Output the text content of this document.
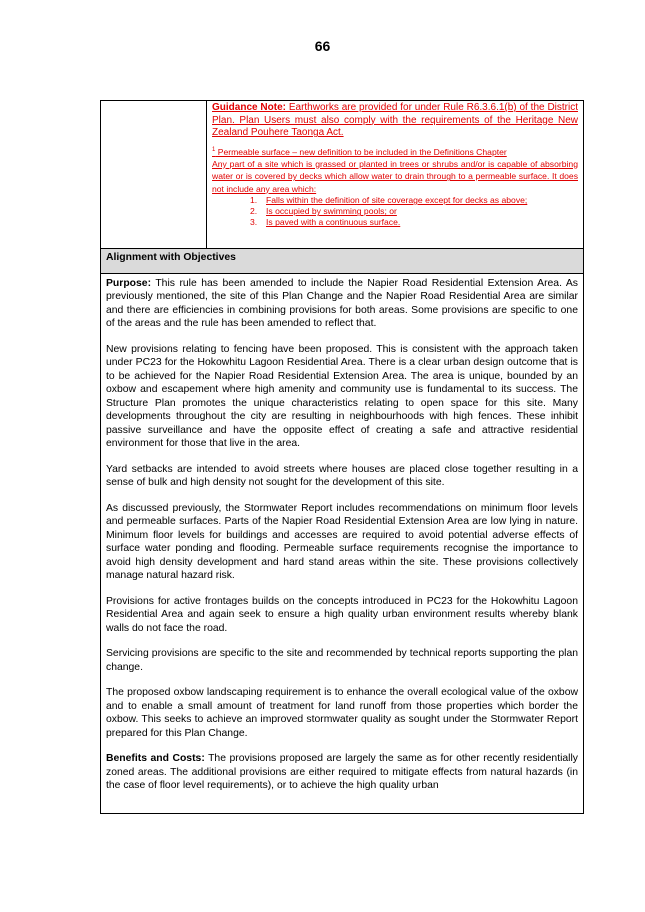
66

Guidance Note: Earthworks are provided for under Rule R6.3.6.1(b) of the District Plan. Plan Users must also comply with the requirements of the Heritage New Zealand Pouhere Taonga Act.

$^1$ Permeable surface – new definition to be included in the Definitions Chapter

Any part of a site which is grassed or planted in trees or shrubs and/or is capable of absorbing water or is covered by decks which allow water to drain through to a permeable surface. It does not include any area which:

1. Falls within the definition of site coverage except for decks as above;
2. Is occupied by swimming pools; or
3. Is paved with a continuous surface.
Alignment with Objectives

Purpose: This rule has been amended to include the Napier Road Residential Extension Area. As previously mentioned, the site of this Plan Change and the Napier Road Residential Area are similar and there are efficiencies in combining provisions for both areas. Some provisions are specific to one of the areas and the rule has been amended to reflect that.

New provisions relating to fencing have been proposed. This is consistent with the approach taken under PC23 for the Hokowhitu Lagoon Residential Area. There is a clear urban design outcome that is to be achieved for the Napier Road Residential Extension Area. The area is unique, bounded by an oxbow and escapement where high amenity and community use is fundamental to its success. The Structure Plan promotes the unique characteristics relating to open space for this site. Many developments throughout the city are resulting in neighbourhoods with high fences. These inhibit passive surveillance and have the opposite effect of creating a safe and attractive residential environment for those that live in the area.

Yard setbacks are intended to avoid streets where houses are placed close together resulting in a sense of bulk and high density not sought for the development of this site.

As discussed previously, the Stormwater Report includes recommendations on minimum floor levels and permeable surfaces. Parts of the Napier Road Residential Extension Area are low lying in nature. Minimum floor levels for buildings and accesses are required to avoid potential adverse effects of surface water ponding and flooding. Permeable surface requirements recognise the importance to avoid high density development and hard stand areas within the site. These provisions collectively manage natural hazard risk.

Provisions for active frontages builds on the concepts introduced in PC23 for the Hokowhitu Lagoon Residential Area and again seek to ensure a high quality urban environment results whereby blank walls do not face the road.

Servicing provisions are specific to the site and recommended by technical reports supporting the plan change.

The proposed oxbow landscaping requirement is to enhance the overall ecological value of the oxbow and to enable a small amount of treatment for land runoff from those properties which border the oxbow. This seeks to achieve an improved stormwater quality as sought under the Stormwater Report prepared for this Plan Change.

Benefits and Costs: The provisions proposed are largely the same as for other recently residentially zoned areas. The additional provisions are either required to mitigate effects from natural hazards (in the case of floor level requirements), or to achieve the high quality urban
